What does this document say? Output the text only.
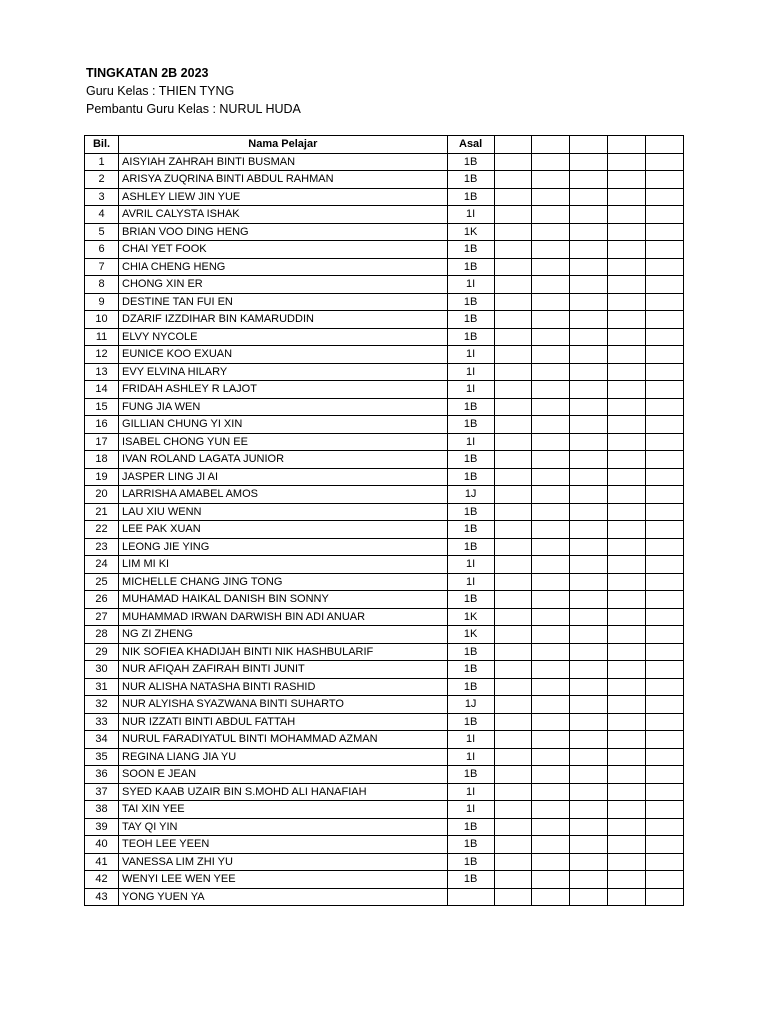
TINGKATAN 2B 2023

Guru Kelas : THIEN TYNG

Pembantu Guru Kelas : NURUL HUDA

Bil.	Nama Pelajar	Asal					
1	AISYIAH ZAHRAH BINTI BUSMAN	1B					
2	ARISYA ZUQRINA BINTI ABDUL RAHMAN	1B					
3	ASHLEY LIEW JIN YUE	1B					
4	AVRIL CALYSTA ISHAK	1I					
5	BRIAN VOO DING HENG	1K					
6	CHAI YET FOOK	1B					
7	CHIA CHENG HENG	1B					
8	CHONG XIN ER	1I					
9	DESTINE TAN FUI EN	1B					
10	DZARIF IZZDIHAR BIN KAMARUDDIN	1B					
11	ELVY NYCOLE	1B					
12	EUNICE KOO EXUAN	1I					
13	EVY ELVINA HILARY	1I					
14	FRIDAH ASHLEY R LAJOT	1I					
15	FUNG JIA WEN	1B					
16	GILLIAN CHUNG YI XIN	1B					
17	ISABEL CHONG YUN EE	1I					
18	IVAN ROLAND LAGATA JUNIOR	1B					
19	JASPER LING JI AI	1B					
20	LARRISHA AMABEL AMOS	1J					
21	LAU XIU WENN	1B					
22	LEE PAK XUAN	1B					
23	LEONG JIE YING	1B					
24	LIM MI KI	1I					
25	MICHELLE CHANG JING TONG	1I					
26	MUHAMAD HAIKAL DANISH BIN SONNY	1B					
27	MUHAMMAD IRWAN DARWISH BIN ADI ANUAR	1K					
28	NG ZI ZHENG	1K					
29	NIK SOFIEA KHADIJAH BINTI NIK HASHBULARIF	1B					
30	NUR AFIQAH ZAFIRAH BINTI JUNIT	1B					
31	NUR ALISHA NATASHA BINTI RASHID	1B					
32	NUR ALYISHA SYAZWANA BINTI SUHARTO	1J					
33	NUR IZZATI BINTI ABDUL FATTAH	1B					
34	NURUL FARADIYATUL BINTI MOHAMMAD AZMAN	1I					
35	REGINA LIANG JIA YU	1I					
36	SOON E JEAN	1B					
37	SYED KAAB UZAIR BIN S.MOHD ALI HANAFIAH	1I					
38	TAI XIN YEE	1I					
39	TAY QI YIN	1B					
40	TEOH LEE YEEN	1B					
41	VANESSA LIM ZHI YU	1B					
42	WENYI LEE WEN YEE	1B					
43	YONG YUEN YA						
